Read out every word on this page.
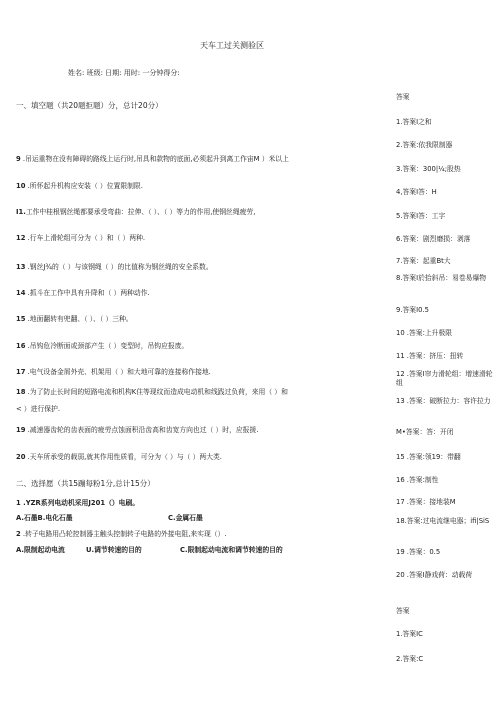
天车工过关测验区
姓名: 班级: 日期: 用时: 一分钟得分:
一、填空题（共20题拒题）分，总计20分）
9 .吊运重物在没有障碍的路线上运行时,吊具和款物的底面,必须起升到离工作宙M ）米以上
10 .所怀起升机构应安装（ ）位置限制限.
I1.工作中桂根钢丝绳都要承受弯曲：拉伸、（ ）、（ ）等力的作用,使钢丝绳疲劳,
12 .行车上滑轮组可分为（ ）和（ ）两种.
13 .钢丝J¾的（ ）与该钢绳（ ）的比值称为钢丝绳的安全系数。
14 .抓斗在工作中具有升降和（ ）两种动作.
15 .地面翻转有兜翻、（ ）、（ ）三种。
16 .吊钩危冷断面或颈部产生（ ）变型时，吊钩应报废。
17 .电气设备金屑外壳、机架用（ ）和大地可靠的连接称作接地.
18 .为了防止长时间的短路电流和机构K住等现纹而造成电动机和线践过负荷，来用（ ）和
< ）进行保护.
19 .减速器齿轮的齿表面的疲劳点蚀面积沿齿高和齿宽方向也过（ ）时，应报援.
20 .天车所承受的载弱,就其作用性质看，可分为（ ）与（ ）两大类.
二、选择愿（共15蹦每粉1分,总计15分）
1 .YZR系列电动机采用J201（）电刷。
A.石墨B.电化石墨	C.金属石墨
2 .转子电路用凸轮控制器主触头控制转子电路的外接电阻,来实现（）.
A.限制起动电流	U.调节转速的目的	C.限制起动电流和调节转速的目的
答案
1.答案I之和
2.答案:依我限制器
3.答案：300|¼;股热
4,答案I答：H
5.答案I答：工字
6.答案：剧烈磨损：剥落
7.答案：起重Bt大
8.答案I於拾斜吊：易卷易爆物
9.答案I0.5
10 .答案:上升极限
11 .答案：挤压：扭转
12 .答案I帘力滑轮组：增速滑轮组
13 .答案：破断拉力：容许拉力
M•答案：答：开闭
15 .答案:领19：带翻
16 .答案:制性
17 .答案：接地装M
18.答案:过电流继电器；ifi|SiS
19 .答案：0.5
20 .答案I静戏荷：动载荷
答案
1.答案IC
2.答案:C
